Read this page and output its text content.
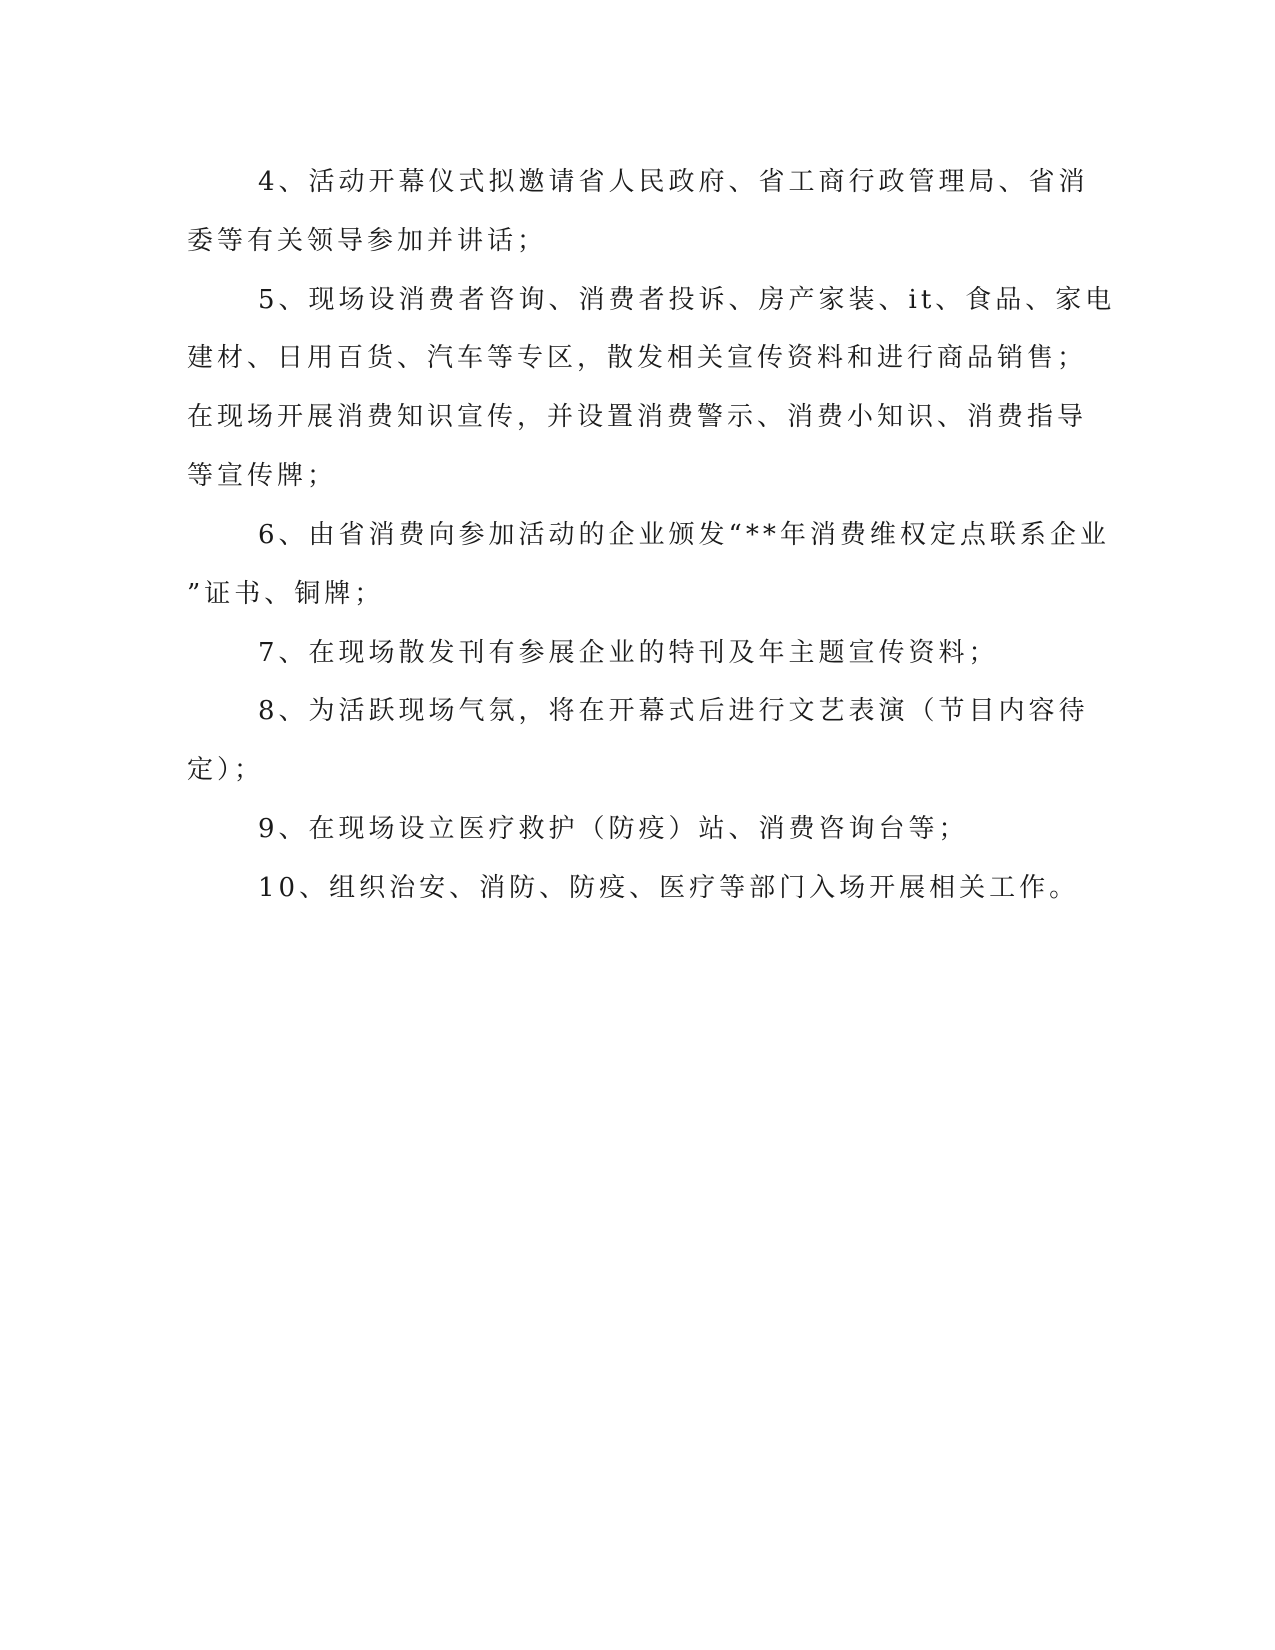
4、活动开幕仪式拟邀请省人民政府、省工商行政管理局、省消
委等有关领导参加并讲话；
5、现场设消费者咨询、消费者投诉、房产家装、it、食品、家电
建材、日用百货、汽车等专区，散发相关宣传资料和进行商品销售；
在现场开展消费知识宣传，并设置消费警示、消费小知识、消费指导
等宣传牌；
6、由省消费向参加活动的企业颁发“**年消费维权定点联系企业
”证书、铜牌；
7、在现场散发刊有参展企业的特刊及年主题宣传资料；
8、为活跃现场气氛，将在开幕式后进行文艺表演（节目内容待
定）；
9、在现场设立医疗救护（防疫）站、消费咨询台等；
10、组织治安、消防、防疫、医疗等部门入场开展相关工作。
